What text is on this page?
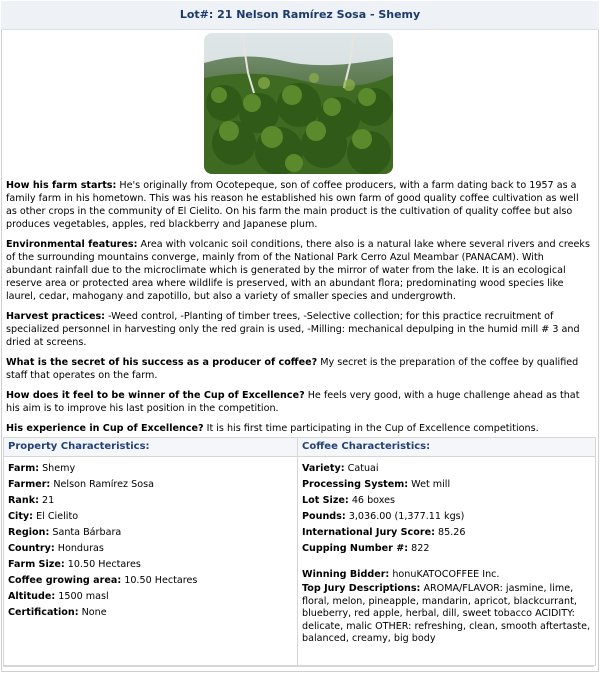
Lot#: 21 Nelson Ramírez Sosa - Shemy

How his farm starts: He's originally from Ocotepeque, son of coffee producers, with a farm dating back to 1957 as a family farm in his hometown. This was his reason he established his own farm of good quality coffee cultivation as well as other crops in the community of El Cielito. On his farm the main product is the cultivation of quality coffee but also produces vegetables, apples, red blackberry and Japanese plum.

Environmental features: Area with volcanic soil conditions, there also is a natural lake where several rivers and creeks of the surrounding mountains converge, mainly from of the National Park Cerro Azul Meambar (PANACAM). With abundant rainfall due to the microclimate which is generated by the mirror of water from the lake. It is an ecological reserve area or protected area where wildlife is preserved, with an abundant flora; predominating wood species like laurel, cedar, mahogany and zapotillo, but also a variety of smaller species and undergrowth.

Harvest practices: -Weed control, -Planting of timber trees, -Selective collection; for this practice recruitment of specialized personnel in harvesting only the red grain is used, -Milling: mechanical depulping in the humid mill # 3 and dried at screens.

What is the secret of his success as a producer of coffee? My secret is the preparation of the coffee by qualified staff that operates on the farm.

How does it feel to be winner of the Cup of Excellence? He feels very good, with a huge challenge ahead as that his aim is to improve his last position in the competition.

His experience in Cup of Excellence? It is his first time participating in the Cup of Excellence competitions.

Property Characteristics:
Farm: Shemy
Farmer: Nelson Ramírez Sosa
Rank: 21
City: El Cielito
Region: Santa Bárbara
Country: Honduras
Farm Size: 10.50 Hectares
Coffee growing area: 10.50 Hectares
Altitude: 1500 masl
Certification: None
Coffee Characteristics:
Variety: Catuai
Processing System: Wet mill
Lot Size: 46 boxes
Pounds: 3,036.00 (1,377.11 kgs)
International Jury Score: 85.26
Cupping Number #: 822
Winning Bidder: honuKATOCOFFEE Inc.
Top Jury Descriptions: AROMA/FLAVOR: jasmine, lime, floral, melon, pineapple, mandarin, apricot, blackcurrant, blueberry, red apple, herbal, dill, sweet tobacco ACIDITY: delicate, malic OTHER: refreshing, clean, smooth aftertaste, balanced, creamy, big body
